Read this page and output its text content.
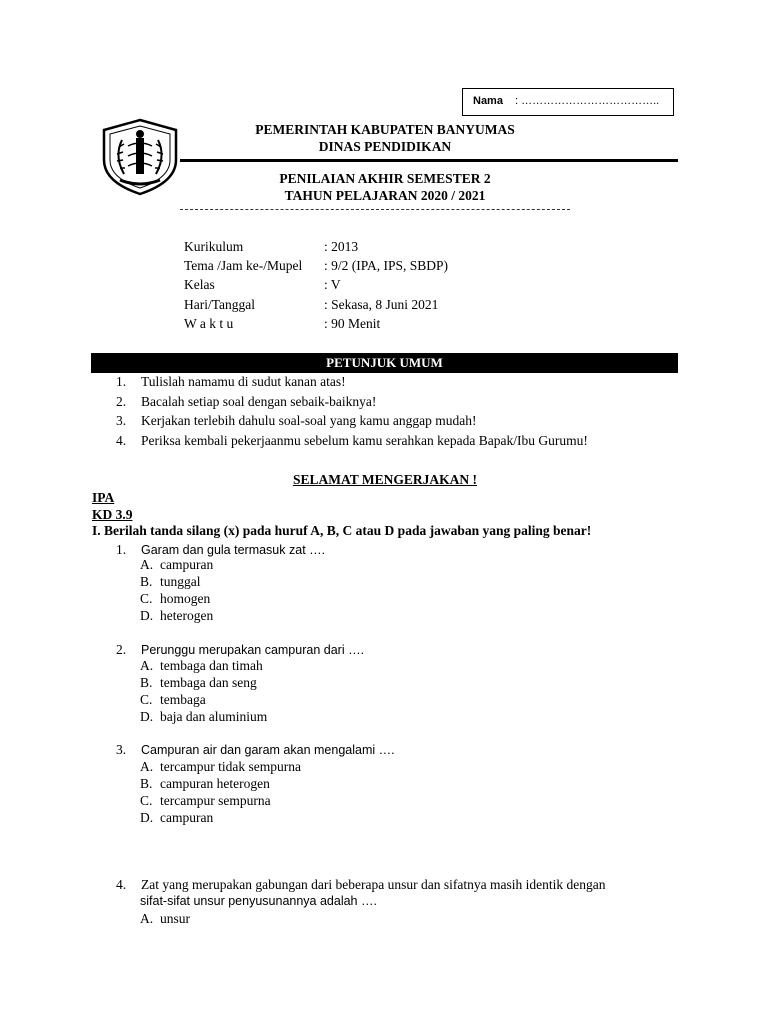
Nama : ………………………………..
PEMERINTAH KABUPATEN BANYUMAS
DINAS PENDIDIKAN
PENILAIAN AKHIR SEMESTER 2
TAHUN PELAJARAN 2020 / 2021
Kurikulum	: 2013
Tema /Jam ke-/Mupel : 9/2 (IPA, IPS, SBDP)
Kelas	: V
Hari/Tanggal	: Sekasa, 8 Juni 2021
W a k t u	: 90 Menit
PETUNJUK UMUM
1. Tulislah namamu di sudut kanan atas!
2. Bacalah setiap soal dengan sebaik-baiknya!
3. Kerjakan terlebih dahulu soal-soal yang kamu anggap mudah!
4. Periksa kembali pekerjaanmu sebelum kamu serahkan kepada Bapak/Ibu Gurumu!
SELAMAT MENGERJAKAN !
IPA
KD 3.9
I. Berilah tanda silang (x) pada huruf A, B, C atau D pada jawaban yang paling benar!
1. Garam dan gula termasuk zat ….
A. campuran
B. tunggal
C. homogen
D. heterogen
2. Perunggu merupakan campuran dari ….
A. tembaga dan timah
B. tembaga dan seng
C. tembaga
D. baja dan aluminium
3. Campuran air dan garam akan mengalami ….
A. tercampur tidak sempurna
B. campuran heterogen
C. tercampur sempurna
D. campuran
4. Zat yang merupakan gabungan dari beberapa unsur dan sifatnya masih identik dengan
sifat-sifat unsur penyusunannya adalah ….
A. unsur
